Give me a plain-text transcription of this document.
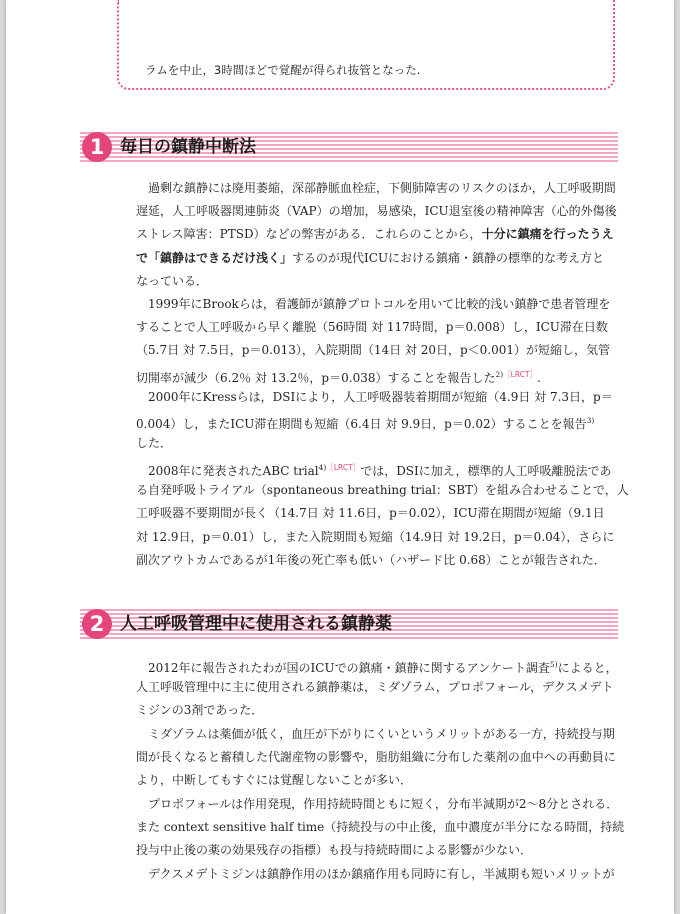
ラムを中止，3時間ほどで覚醒が得られ抜管となった.
1 毎日の鎮静中断法
　過剰な鎮静には廃用萎縮，深部静脈血栓症，下側肺障害のリスクのほか，人工呼吸期間
遅延，人工呼吸器関連肺炎（VAP）の増加，易感染，ICU退室後の精神障害（心的外傷後
ストレス障害：PTSD）などの弊害がある．これらのことから，十分に鎮痛を行ったうえ
で「鎮静はできるだけ浅く」するのが現代ICUにおける鎮痛・鎮静の標準的な考え方と
なっている．
　1999年にBrookらは，看護師が鎮静プロトコルを用いて比較的浅い鎮静で患者管理を
することで人工呼吸から早く離脱（56時間 対 117時間，p＝0.008）し，ICU滞在日数
（5.7日 対 7.5日，p＝0.013），入院期間（14日 対 20日，p＜0.001）が短縮し，気管
切開率が減少（6.2％ 対 13.2％，p＝0.038）することを報告した$^{2)[LRCT]}$.
　2000年にKressらは，DSIにより，人工呼吸器装着期間が短縮（4.9日 対 7.3日，p＝
0.004）し，またICU滞在期間も短縮（6.4日 対 9.9日，p＝0.02）することを報告$^{3)}$
した．
　2008年に発表されたABC trial$^{4)[LRCT]}$では，DSIに加え，標準的人工呼吸離脱法であ
る自発呼吸トライアル（spontaneous breathing trial：SBT）を組み合わせることで，人
工呼吸器不要期間が長く（14.7日 対 11.6日，p＝0.02），ICU滞在期間が短縮（9.1日
対 12.9日，p＝0.01）し，また入院期間も短縮（14.9日 対 19.2日，p＝0.04），さらに
副次アウトカムであるが1年後の死亡率も低い（ハザード比 0.68）ことが報告された．
2 人工呼吸管理中に使用される鎮静薬
　2012年に報告されたわが国のICUでの鎮痛・鎮静に関するアンケート調査$^{5)}$によると，
人工呼吸管理中に主に使用される鎮静薬は，ミダゾラム，プロポフォール，デクスメデト
ミジンの3剤であった．
　ミダゾラムは薬価が低く，血圧が下がりにくいというメリットがある一方，持続投与期
間が長くなると蓄積した代謝産物の影響や，脂肪組織に分布した薬剤の血中への再動員に
より，中断してもすぐには覚醒しないことが多い．
　プロポフォールは作用発現，作用持続時間ともに短く，分布半減期が2～8分とされる．
また context sensitive half time（持続投与の中止後，血中濃度が半分になる時間，持続
投与中止後の薬の効果残存の指標）も投与持続時間による影響が少ない．
　デクスメデトミジンは鎮静作用のほか鎮痛作用も同時に有し，半減期も短いメリットが
